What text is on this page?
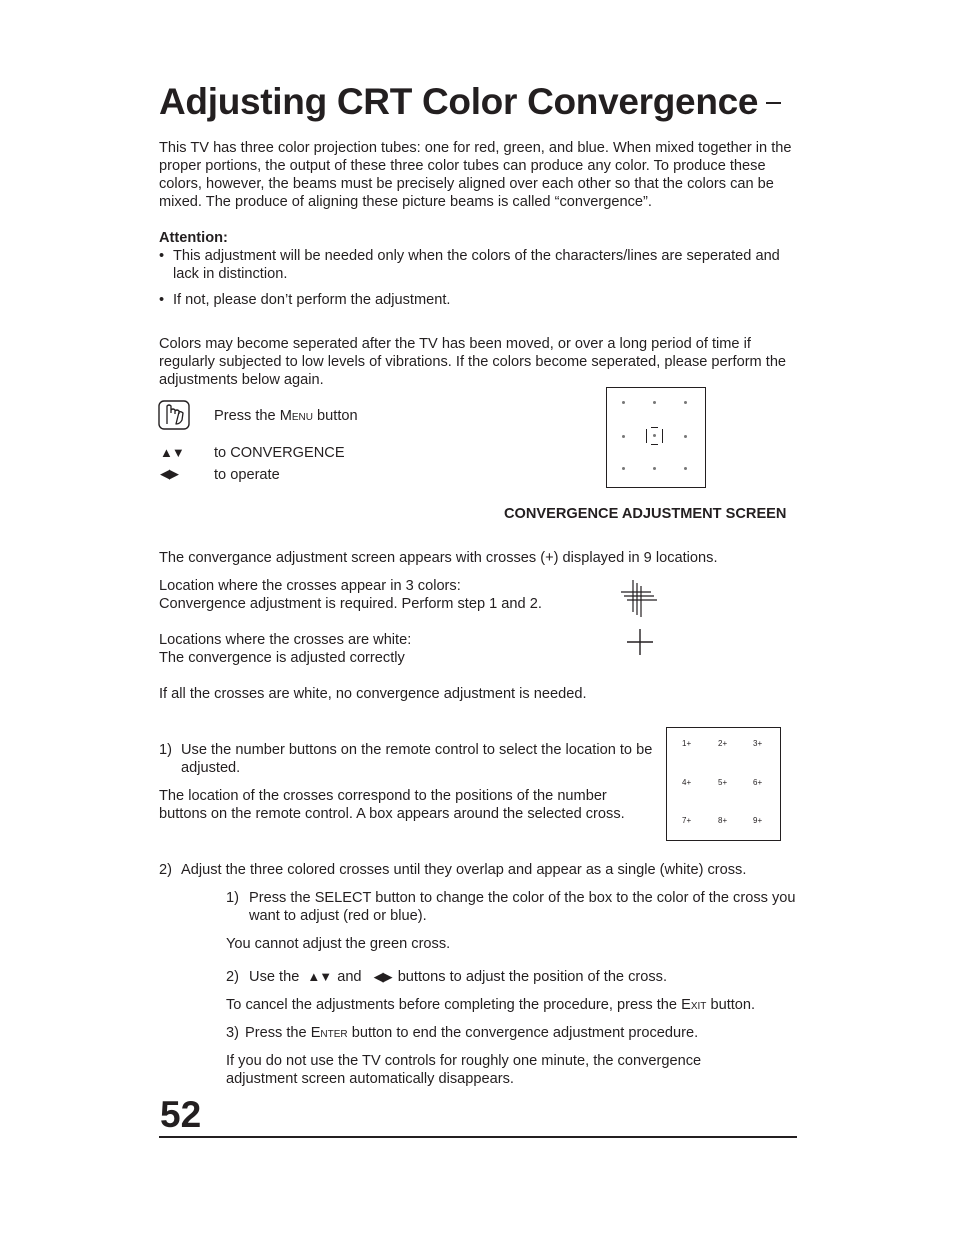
Adjusting CRT Color Convergence
This TV has three color projection tubes: one for red, green, and blue. When mixed together in the proper portions, the output of these three color tubes can produce any color. To produce these colors, however, the beams must be precisely aligned over each other so that the colors can be mixed. The produce of aligning these picture beams is called “convergence”.
Attention:
• This adjustment will be needed only when the colors of the characters/lines are seperated and lack in distinction.
• If not, please don’t perform the adjustment.
Colors may become seperated after the TV has been moved, or over a long period of time if regularly subjected to low levels of vibrations. If the colors become seperated, please perform the adjustments below again.
Press the Menu button
▲▼ to CONVERGENCE
◀▶ to operate
CONVERGENCE ADJUSTMENT SCREEN
The convergance adjustment screen appears with crosses (+) displayed in 9 locations.
Location where the crosses appear in 3 colors:
Convergence adjustment is required. Perform step 1 and 2.
Locations where the crosses are white:
The convergence is adjusted correctly
If all the crosses are white, no convergence adjustment is needed.
1) Use the number buttons on the remote control to select the location to be adjusted.
The location of the crosses correspond to the positions of the number buttons on the remote control. A box appears around the selected cross.
1+	2+	3+
4+	5+	6+
7+	8+	9+
2) Adjust the three colored crosses until they overlap and appear as a single (white) cross.
1) Press the SELECT button to change the color of the box to the color of the cross you want to adjust (red or blue).
You cannot adjust the green cross.
2) Use the ▲▼ and ◀▶ buttons to adjust the position of the cross.
To cancel the adjustments before completing the procedure, press the Exit button.
3) Press the Enter button to end the convergence adjustment procedure.
If you do not use the TV controls for roughly one minute, the convergence adjustment screen automatically disappears.
52
